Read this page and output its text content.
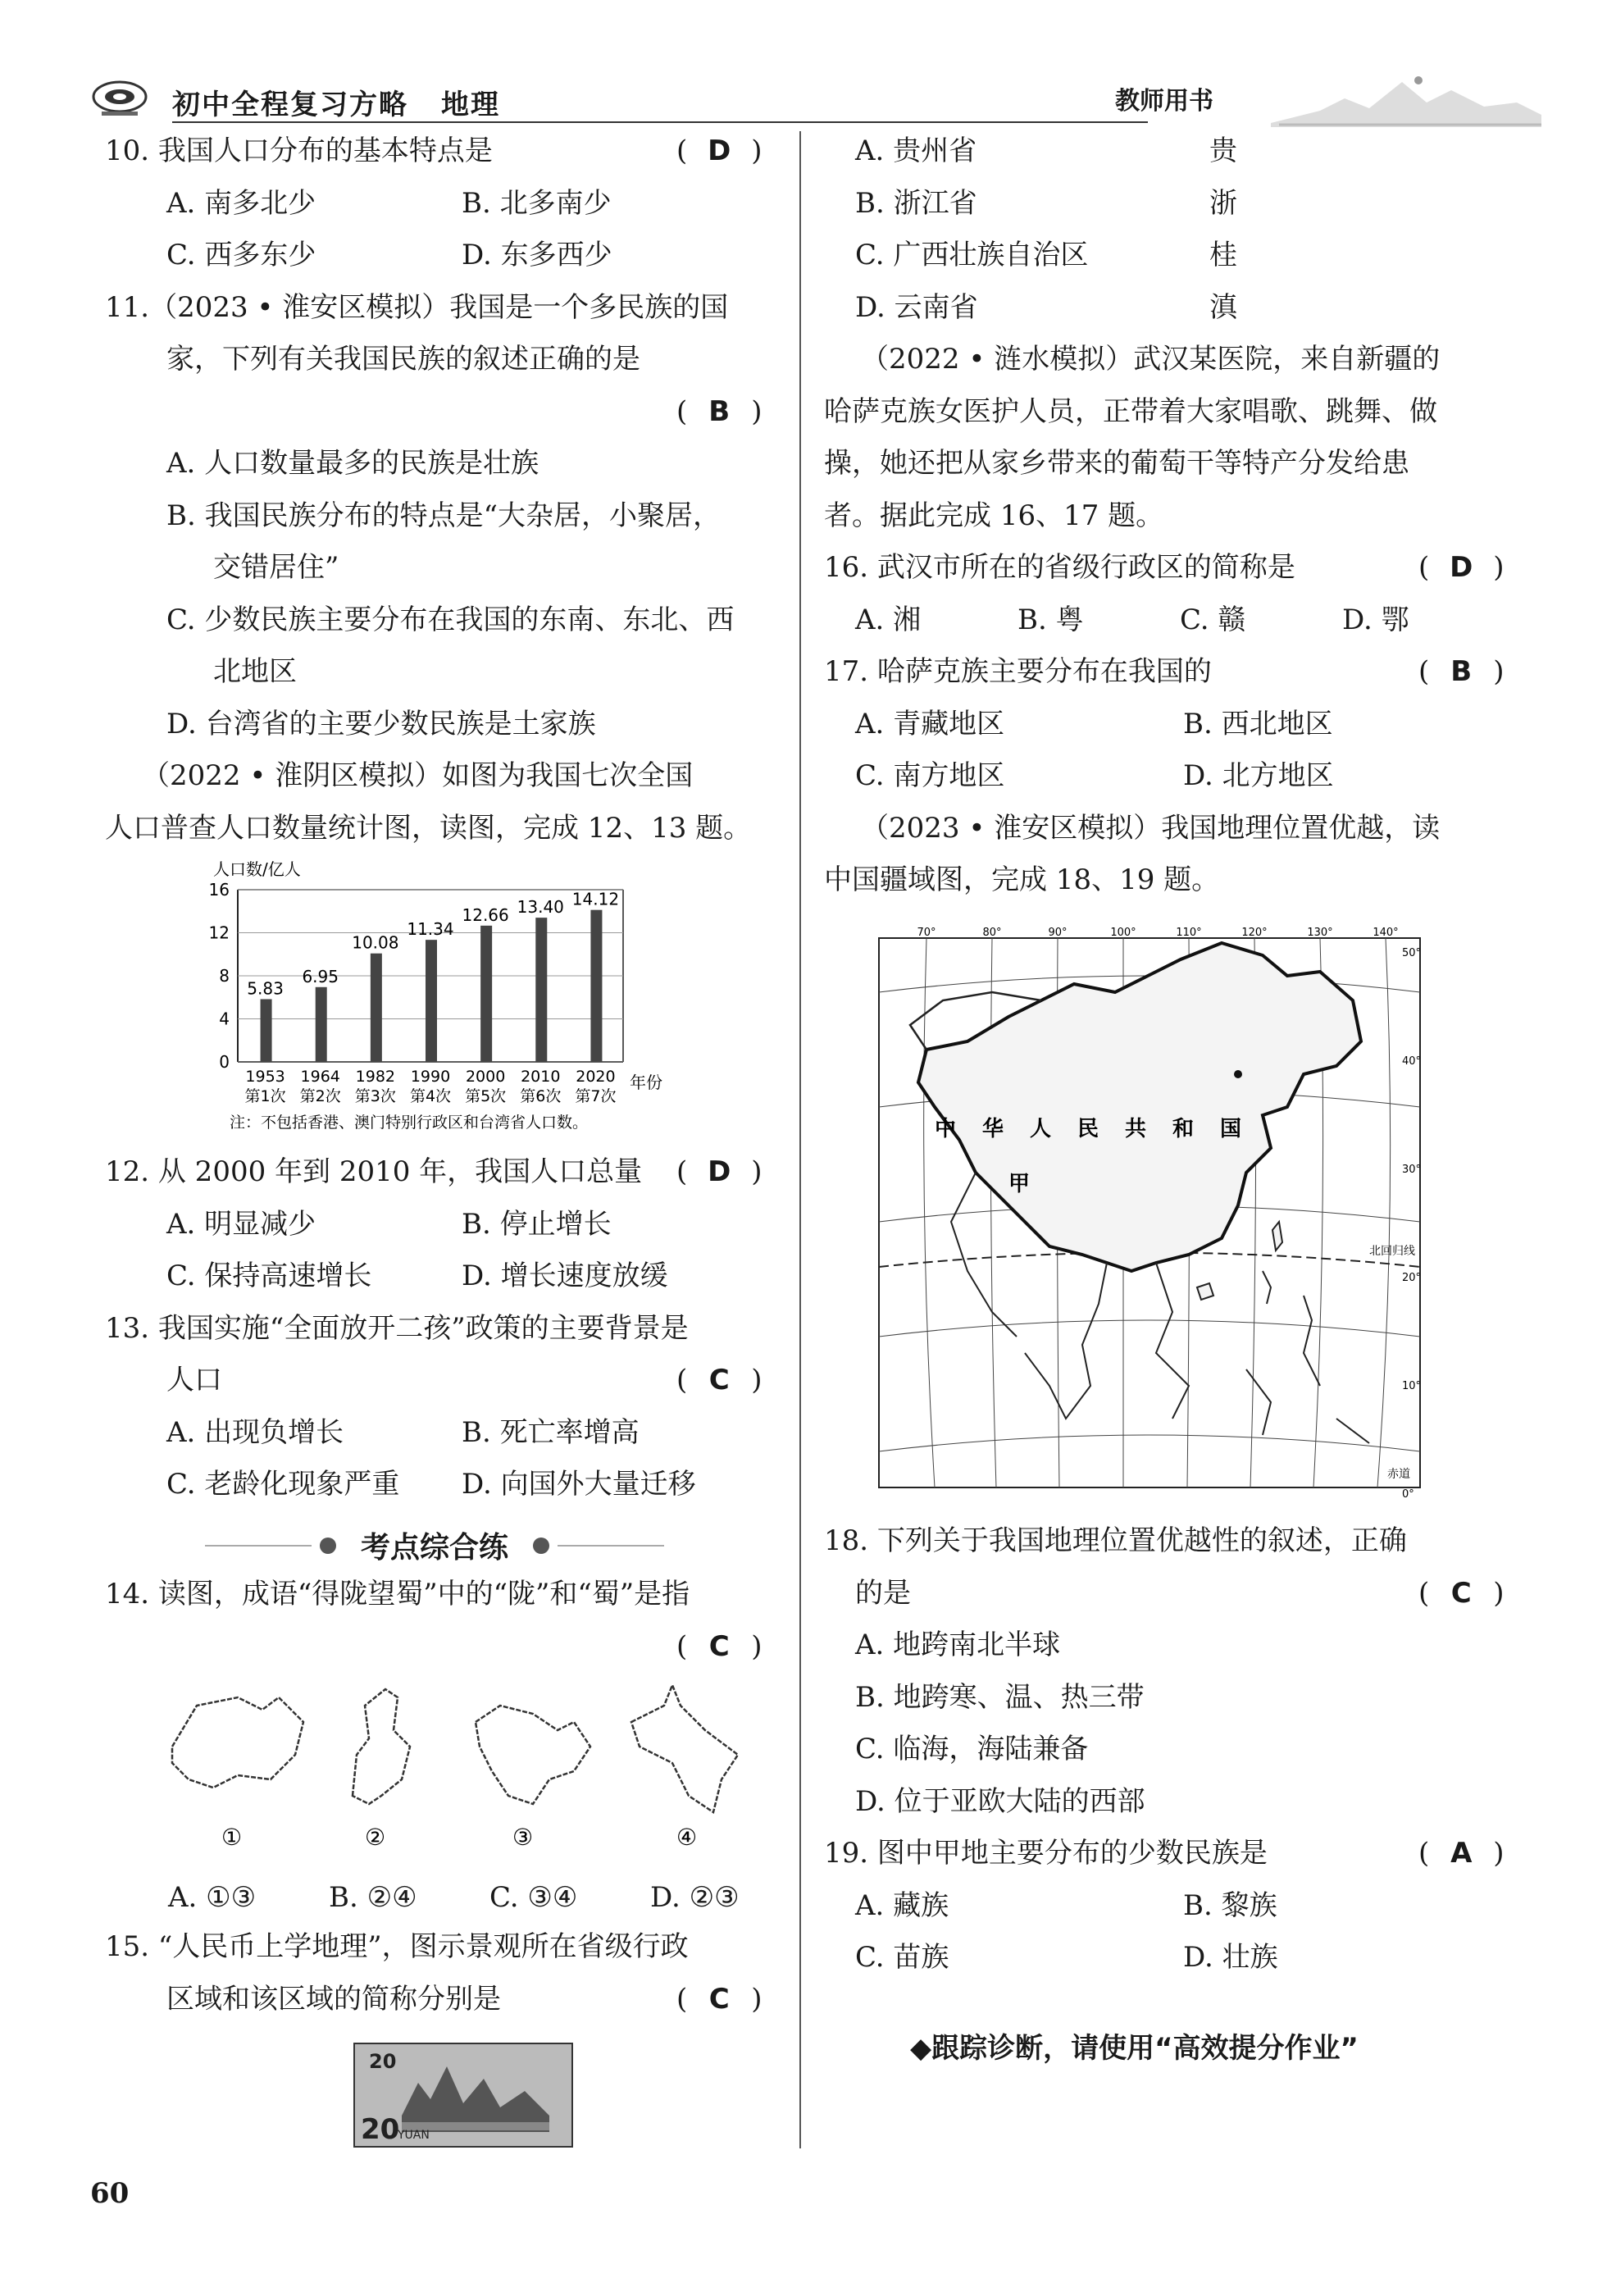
初中全程复习方略 地理	教师用书
10. 我国人口分布的基本特点是	( D )
A. 南多北少	B. 北多南少
C. 西多东少	D. 东多西少
11.（2023 • 淮安区模拟）我国是一个多民族的国
家，下列有关我国民族的叙述正确的是
( B )
A. 人口数量最多的民族是壮族
B. 我国民族分布的特点是“大杂居，小聚居，
交错居住”
C. 少数民族主要分布在我国的东南、东北、西
北地区
D. 台湾省的主要少数民族是土家族
（2022 • 淮阴区模拟）如图为我国七次全国
人口普查人口数量统计图，读图，完成 12、13 题。
12. 从 2000 年到 2010 年，我国人口总量 ( D )
A. 明显减少	B. 停止增长
C. 保持高速增长	D. 增长速度放缓
13. 我国实施“全面放开二孩”政策的主要背景是
人口	( C )
A. 出现负增长	B. 死亡率增高
C. 老龄化现象严重 D. 向国外大量迁移
14. 读图，成语“得陇望蜀”中的“陇”和“蜀”是指
( C )
15. “人民币上学地理”，图示景观所在省级行政
区域和该区域的简称分别是	( C )
A. 贵州省	贵
B. 浙江省	浙
C. 广西壮族自治区	桂
D. 云南省	滇
（2022 • 涟水模拟）武汉某医院，来自新疆的
哈萨克族女医护人员，正带着大家唱歌、跳舞、做
操，她还把从家乡带来的葡萄干等特产分发给患
者。据此完成 16、17 题。
16. 武汉市所在的省级行政区的简称是	( D )
A. 湘	B. 粤	C. 赣	D. 鄂
17. 哈萨克族主要分布在我国的	( B )
A. 青藏地区	B. 西北地区
C. 南方地区	D. 北方地区
（2023 • 淮安区模拟）我国地理位置优越，读
中国疆域图，完成 18、19 题。
18. 下列关于我国地理位置优越性的叙述，正确
的是	( C )
A. 地跨南北半球
B. 地跨寒、温、热三带
C. 临海，海陆兼备
D. 位于亚欧大陆的西部
19. 图中甲地主要分布的少数民族是	( A )
A. 藏族	B. 黎族
C. 苗族	D. 壮族
人口数/亿人
0
4
8
12
16
5.83
1953
第1次
6.95
1964
第2次
10.08
1982
第3次
11.34
1990
第4次
12.66
2000
第5次
13.40
2010
第6次
14.12
2020
第7次
年份
注：不包括香港、澳门特别行政区和台湾省人口数。
考点综合练
①	②	③	④
A. ①③	B. ②④	C. ③④	D. ②③
20
20
YUAN
中 华 人 民 共 和 国
甲
北回归线
赤道
70°	80°	90°	100°	110°	120°	130°	140°
50°
40°
30°
20°
10°
0°
◆跟踪诊断，请使用“高效提分作业”
60
